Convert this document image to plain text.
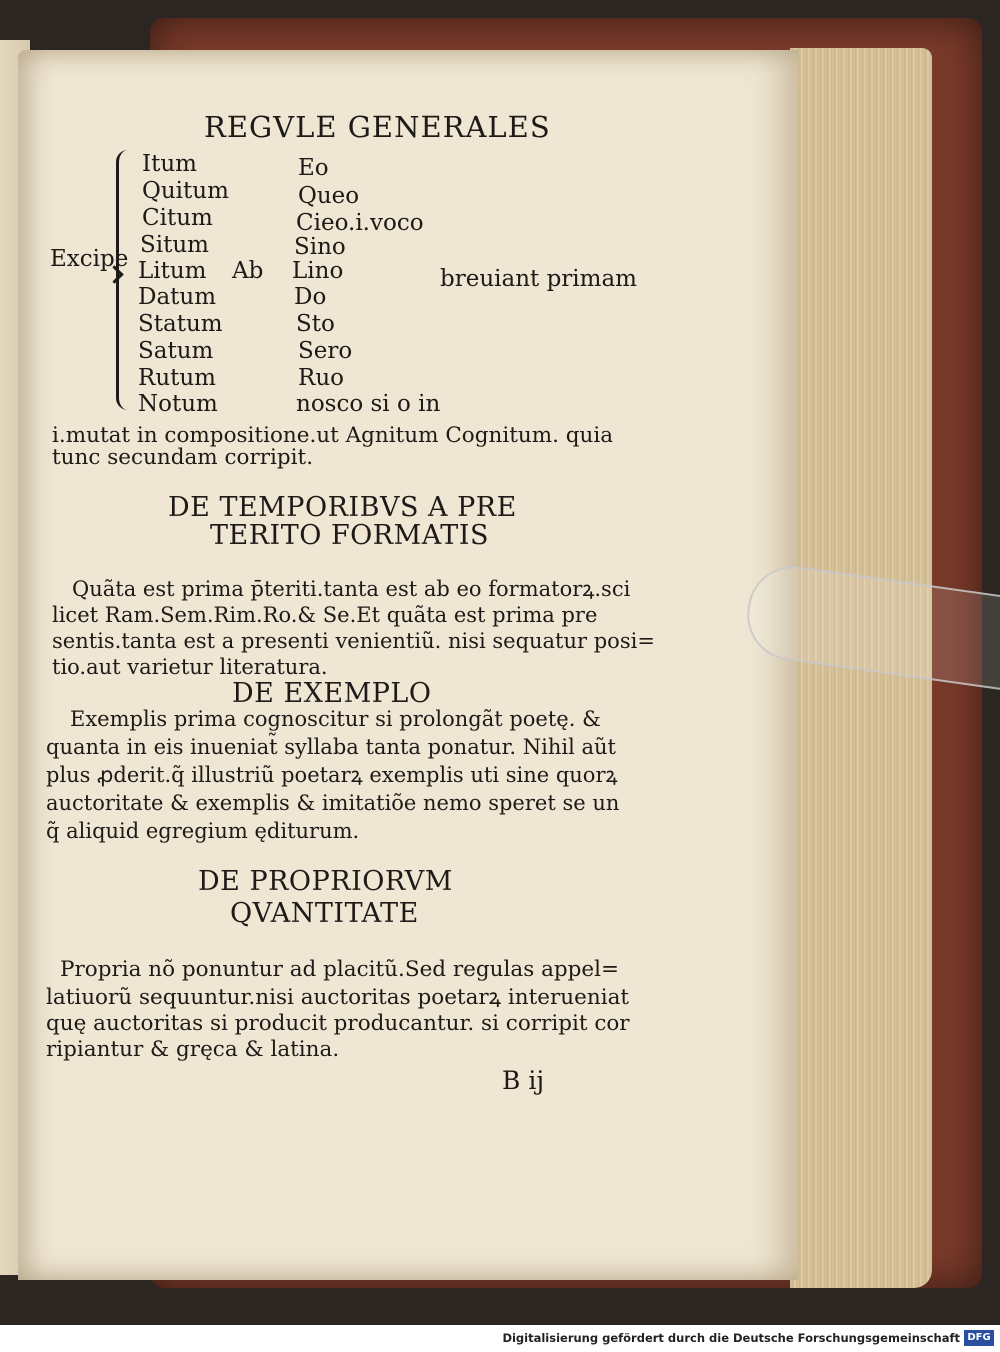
REGVLE GENERALES
Excipe
Itum
Quitum
Citum
Situm
Litum
Datum
Statum
Satum
Rutum
Notum
Ab
Eo
Queo
Cieo.i.voco
Sino
Lino
Do
Sto
Sero
Ruo
nosco si o in
breuiant primam
i.mutat in compositione.ut Agnitum Cognitum. quia
tunc secundam corripit.
DE TEMPORIBVS A PRE
TERITO FORMATIS
Quãta est prima p̄teriti.tanta est ab eo formatorꝝ.sci
licet Ram.Sem.Rim.Ro.& Se.Et quãta est prima pre
sentis.tanta est a presenti venientiũ. nisi sequatur posi=
tio.aut varietur literatura.
DE EXEMPLO
Exemplis prima cognoscitur si prolongãt poetę. &
quanta in eis inueniat̃ syllaba tanta ponatur. Nihil aũt
plus ꝓderit.q̃ illustriũ poetarꝝ exemplis uti sine quorꝝ
auctoritate & exemplis & imitatiõe nemo speret se un
q̃ aliquid egregium ęditurum.
DE PROPRIORVM
QVANTITATE
Propria nõ ponuntur ad placitũ.Sed regulas appel=
latiuorũ sequuntur.nisi auctoritas poetarꝝ interueniat
quę auctoritas si producit producantur. si corripit cor
ripiantur & gręca & latina.
B ij
Digitalisierung gefördert durch die Deutsche Forschungsgemeinschaft DFG
